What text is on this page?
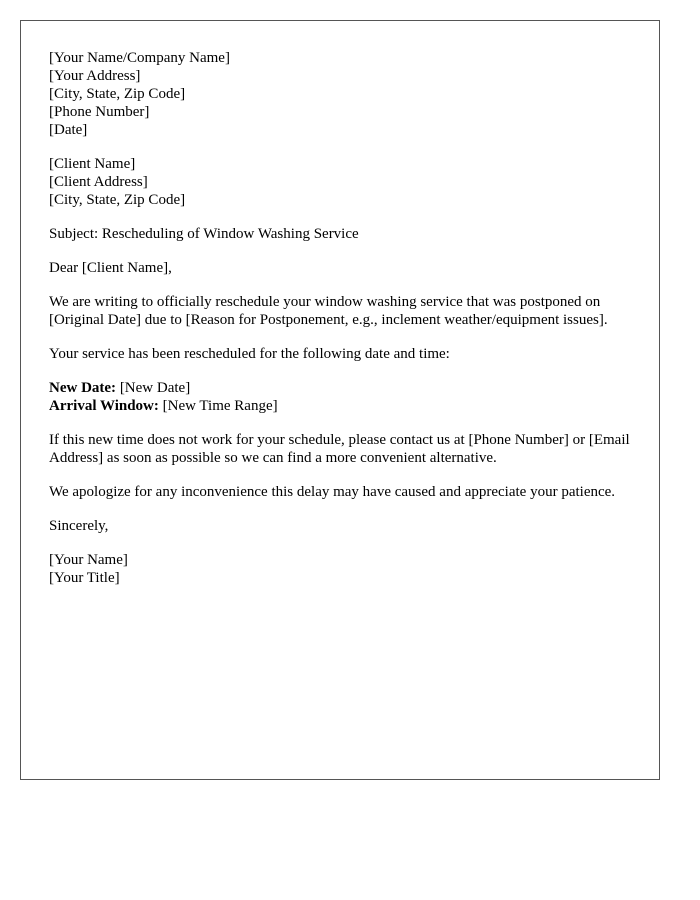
[Your Name/Company Name]
[Your Address]
[City, State, Zip Code]
[Phone Number]
[Date]
[Client Name]
[Client Address]
[City, State, Zip Code]

Subject: Rescheduling of Window Washing Service

Dear [Client Name],

We are writing to officially reschedule your window washing service that was postponed on [Original Date] due to [Reason for Postponement, e.g., inclement weather/equipment issues].

Your service has been rescheduled for the following date and time:

New Date: [New Date]
Arrival Window: [New Time Range]

If this new time does not work for your schedule, please contact us at [Phone Number] or [Email Address] as soon as possible so we can find a more convenient alternative.

We apologize for any inconvenience this delay may have caused and appreciate your patience.

Sincerely,

[Your Name]
[Your Title]
